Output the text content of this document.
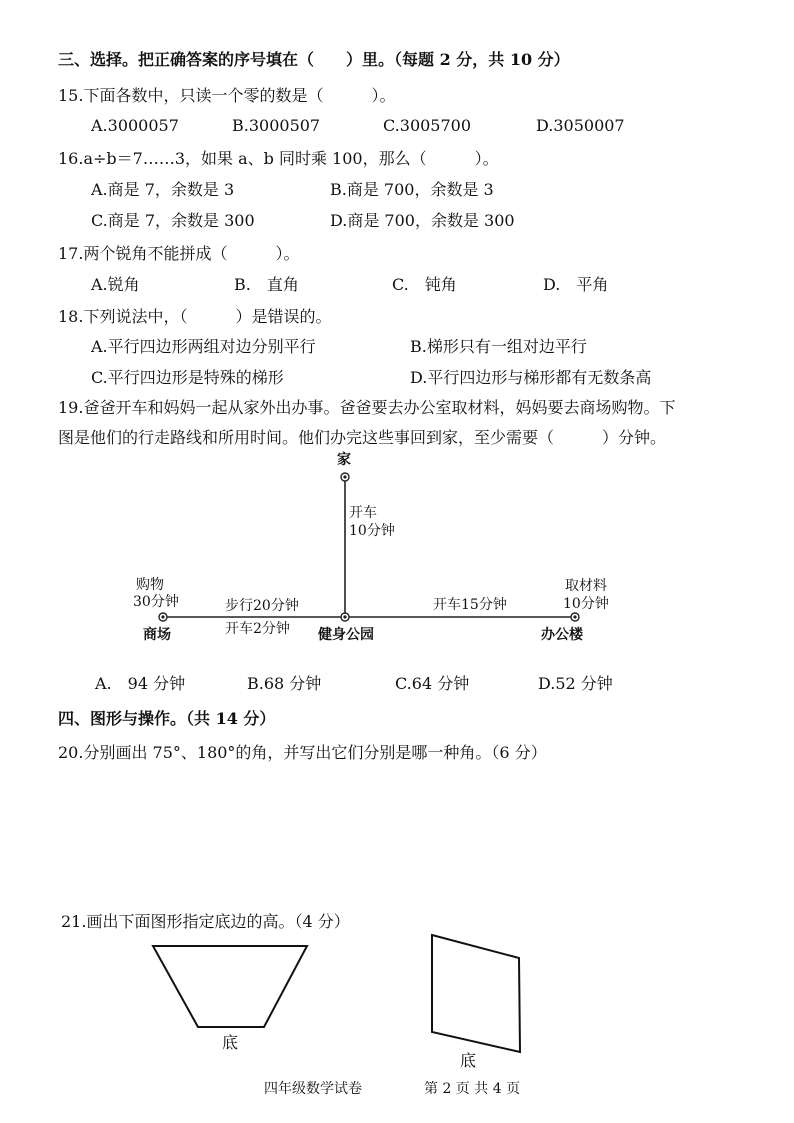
三、选择。把正确答案的序号填在（　　）里。（每题 2 分，共 10 分）
15.下面各数中，只读一个零的数是（　　　）。
A.3000057	B.3000507	C.3005700	D.3050007
16.a÷b＝7……3，如果 a、b 同时乘 100，那么（　　　）。
A.商是 7，余数是 3	B.商是 700，余数是 3
C.商是 7，余数是 300	D.商是 700，余数是 300
17.两个锐角不能拼成（　　　）。
A.锐角	B.　直角	C.　钝角	D.　平角
18.下列说法中，（　　　）是错误的。
A.平行四边形两组对边分别平行	B.梯形只有一组对边平行
C.平行四边形是特殊的梯形	D.平行四边形与梯形都有无数条高
19.爸爸开车和妈妈一起从家外出办事。爸爸要去办公室取材料，妈妈要去商场购物。下
图是他们的行走路线和所用时间。他们办完这些事回到家，至少需要（　　　）分钟。
家
开车
10分钟
购物
30分钟	步行20分钟
开车2分钟
开车15分钟
取材料
10分钟
商场	健身公园	办公楼
A.　94 分钟	B.68 分钟	C.64 分钟	D.52 分钟
四、图形与操作。（共 14 分）
20.分别画出 75°、180°的角，并写出它们分别是哪一种角。（6 分）
21.画出下面图形指定底边的高。（4 分）
底
底
四年级数学试卷	第 2 页 共 4 页
